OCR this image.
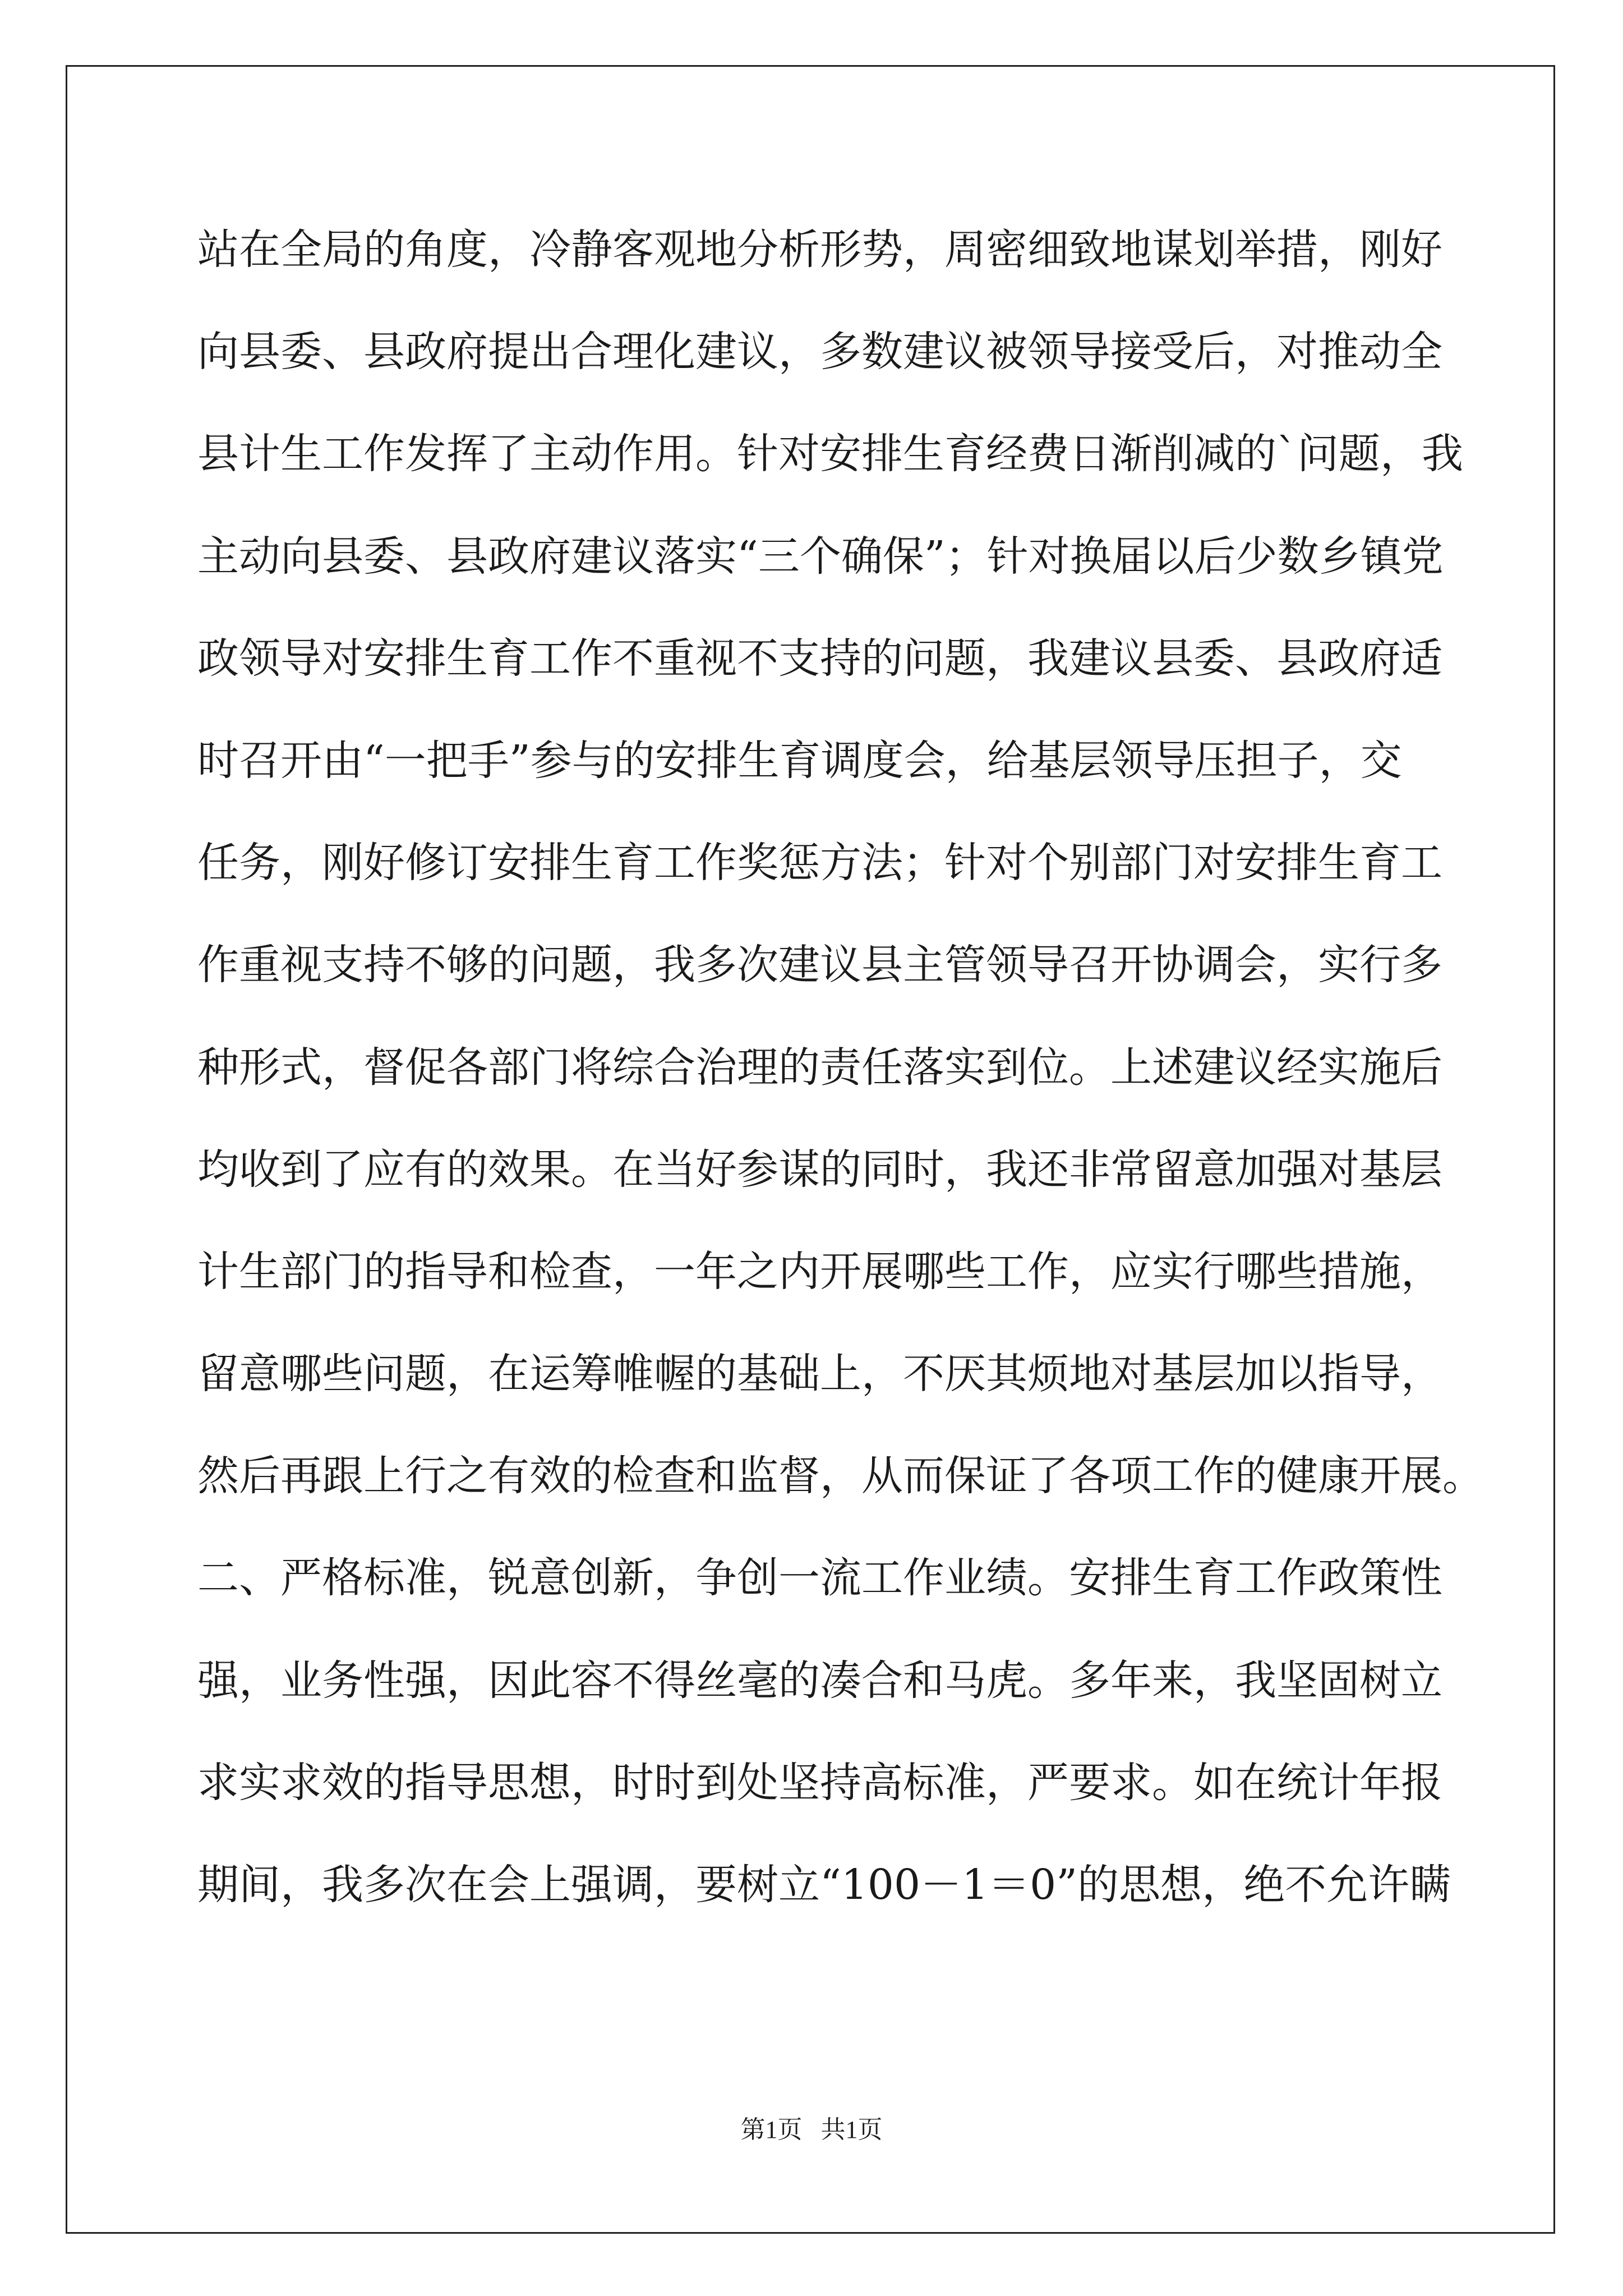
站在全局的角度，冷静客观地分析形势，周密细致地谋划举措，刚好
向县委、县政府提出合理化建议，多数建议被领导接受后，对推动全
县计生工作发挥了主动作用。针对安排生育经费日渐削减的`问题，我
主动向县委、县政府建议落实“三个确保”；针对换届以后少数乡镇党
政领导对安排生育工作不重视不支持的问题，我建议县委、县政府适
时召开由“一把手”参与的安排生育调度会，给基层领导压担子，交
任务，刚好修订安排生育工作奖惩方法；针对个别部门对安排生育工
作重视支持不够的问题，我多次建议县主管领导召开协调会，实行多
种形式，督促各部门将综合治理的责任落实到位。上述建议经实施后
均收到了应有的效果。在当好参谋的同时，我还非常留意加强对基层
计生部门的指导和检查，一年之内开展哪些工作，应实行哪些措施，
留意哪些问题，在运筹帷幄的基础上，不厌其烦地对基层加以指导，
然后再跟上行之有效的检查和监督，从而保证了各项工作的健康开展。
二、严格标准，锐意创新，争创一流工作业绩。安排生育工作政策性
强，业务性强，因此容不得丝毫的凑合和马虎。多年来，我坚固树立
求实求效的指导思想，时时到处坚持高标准，严要求。如在统计年报
期间，我多次在会上强调，要树立“100－1＝0”的思想，绝不允许瞒
第1页   共1页
